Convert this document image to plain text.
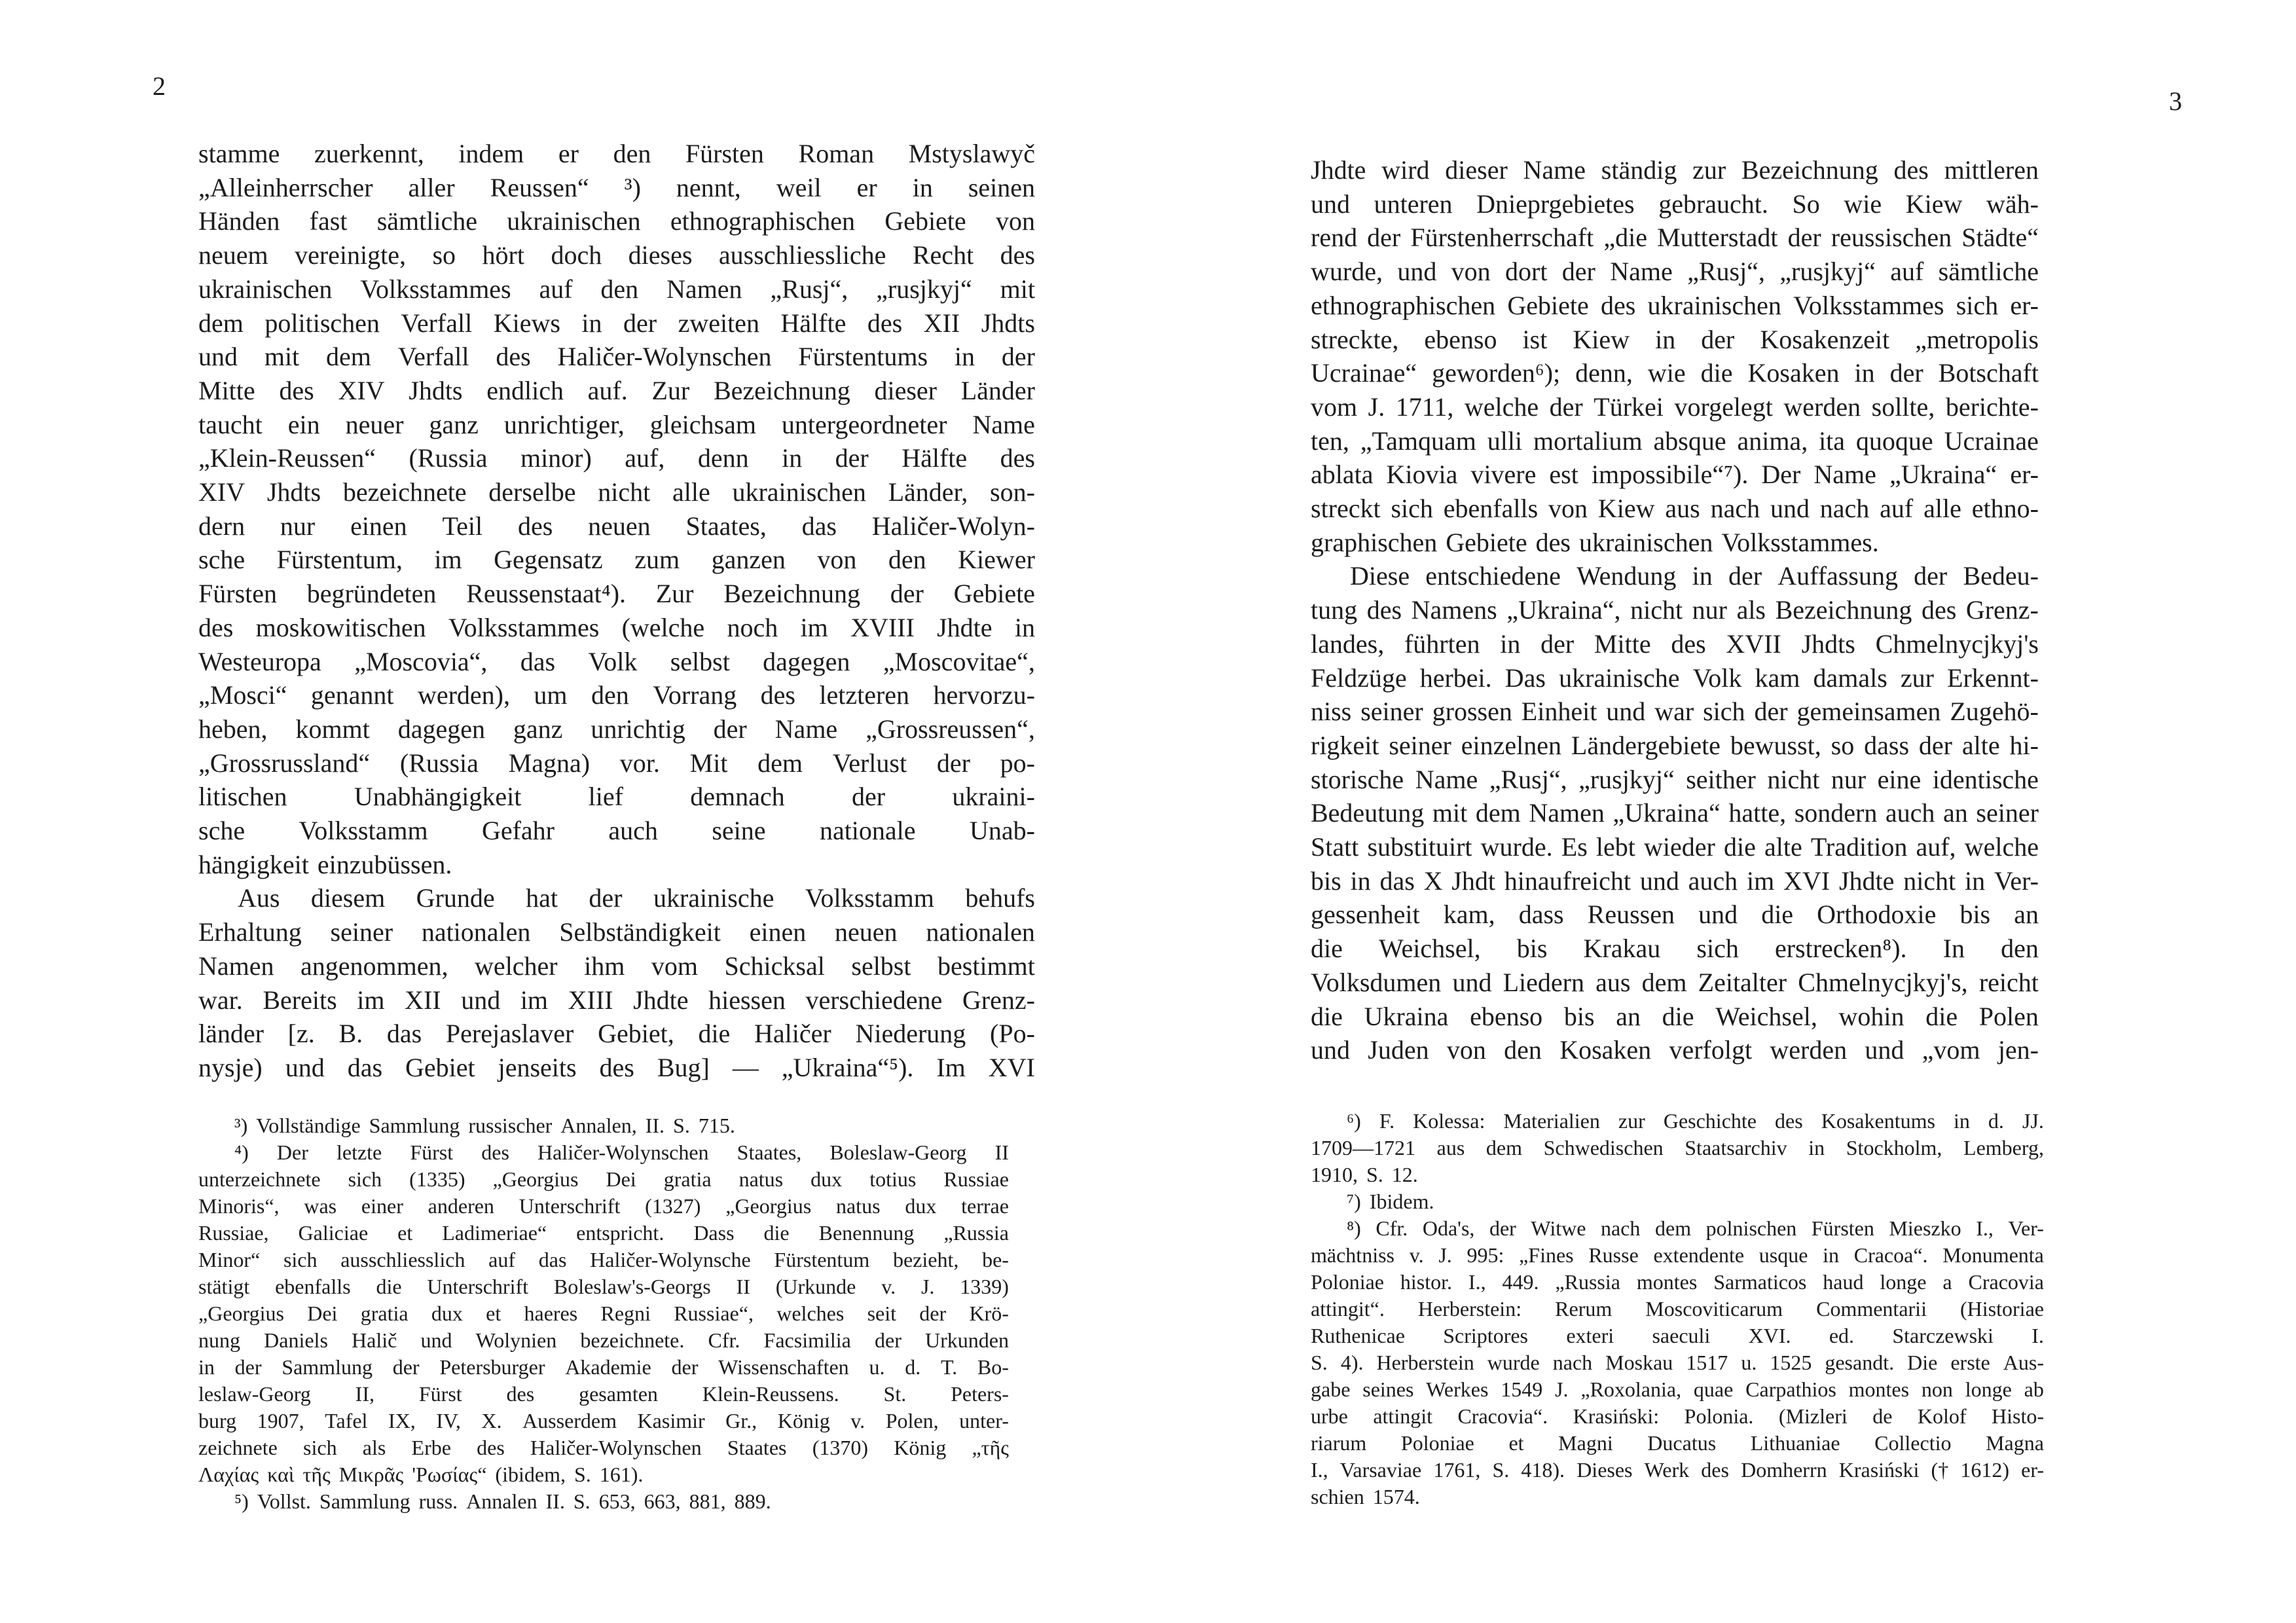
2
stamme zuerkennt, indem er den Fürsten Roman Mstyslawyč
„Alleinherrscher aller Reussen“ ³) nennt, weil er in seinen
Händen fast sämtliche ukrainischen ethnographischen Gebiete von
neuem vereinigte, so hört doch dieses ausschliessliche Recht des
ukrainischen Volksstammes auf den Namen „Rusj“, „rusjkyj“ mit
dem politischen Verfall Kiews in der zweiten Hälfte des XII Jhdts
und mit dem Verfall des Haličer-Wolynschen Fürstentums in der
Mitte des XIV Jhdts endlich auf. Zur Bezeichnung dieser Länder
taucht ein neuer ganz unrichtiger, gleichsam untergeordneter Name
„Klein-Reussen“ (Russia minor) auf, denn in der Hälfte des
XIV Jhdts bezeichnete derselbe nicht alle ukrainischen Länder, son-
dern nur einen Teil des neuen Staates, das Haličer-Wolyn-
sche Fürstentum, im Gegensatz zum ganzen von den Kiewer
Fürsten begründeten Reussenstaat⁴). Zur Bezeichnung der Gebiete
des moskowitischen Volksstammes (welche noch im XVIII Jhdte in
Westeuropa „Moscovia“, das Volk selbst dagegen „Moscovitae“,
„Mosci“ genannt werden), um den Vorrang des letzteren hervorzu-
heben, kommt dagegen ganz unrichtig der Name „Grossreussen“,
„Grossrussland“ (Russia Magna) vor. Mit dem Verlust der po-
litischen	Unabhängigkeit	lief	demnach	der	ukraini-
sche Volksstamm Gefahr auch seine nationale Unab-
hängigkeit einzubüssen.
Aus diesem Grunde hat der ukrainische Volksstamm behufs
Erhaltung seiner nationalen Selbständigkeit einen neuen nationalen
Namen angenommen, welcher ihm vom Schicksal selbst bestimmt
war. Bereits im XII und im XIII Jhdte hiessen verschiedene Grenz-
länder [z. B. das Perejaslaver Gebiet, die Haličer Niederung (Po-
nysje) und das Gebiet jenseits des Bug] — „Ukraina“⁵). Im XVI
³) Vollständige Sammlung russischer Annalen, II. S. 715.
⁴) Der letzte Fürst des Haličer-Wolynschen Staates, Boleslaw-Georg II
unterzeichnete sich (1335) „Georgius Dei gratia natus dux totius Russiae
Minoris“, was einer anderen Unterschrift (1327) „Georgius natus dux terrae
Russiae, Galiciae et Ladimeriae“ entspricht. Dass die Benennung „Russia
Minor“ sich ausschliesslich auf das Haličer-Wolynsche Fürstentum bezieht, be-
stätigt ebenfalls die Unterschrift Boleslaw's-Georgs II (Urkunde v. J. 1339)
„Georgius Dei gratia dux et haeres Regni Russiae“, welches seit der Krö-
nung Daniels Halič und Wolynien bezeichnete. Cfr. Facsimilia der Urkunden
in der Sammlung der Petersburger Akademie der Wissenschaften u. d. T. Bo-
leslaw-Georg II, Fürst des gesamten Klein-Reussens. St. Peters-
burg 1907, Tafel IX, IV, X. Ausserdem Kasimir Gr., König v. Polen, unter-
zeichnete sich als Erbe des Haličer-Wolynschen Staates (1370) König „τῆς
Λαχίας καὶ τῆς Μικρᾶς 'Ρωσίας“ (ibidem, S. 161).
⁵) Vollst. Sammlung russ. Annalen II. S. 653, 663, 881, 889.
3
Jhdte wird dieser Name ständig zur Bezeichnung des mittleren
und unteren Dnieprgebietes gebraucht. So wie Kiew wäh-
rend der Fürstenherrschaft „die Mutterstadt der reussischen Städte“
wurde, und von dort der Name „Rusj“, „rusjkyj“ auf sämtliche
ethnographischen Gebiete des ukrainischen Volksstammes sich er-
streckte, ebenso ist Kiew in der Kosakenzeit „metropolis
Ucrainae“ geworden⁶); denn, wie die Kosaken in der Botschaft
vom J. 1711, welche der Türkei vorgelegt werden sollte, berichte-
ten, „Tamquam ulli mortalium absque anima, ita quoque Ucrainae
ablata Kiovia vivere est impossibile“⁷). Der Name „Ukraina“ er-
streckt sich ebenfalls von Kiew aus nach und nach auf alle ethno-
graphischen Gebiete des ukrainischen Volksstammes.
Diese entschiedene Wendung in der Auffassung der Bedeu-
tung des Namens „Ukraina“, nicht nur als Bezeichnung des Grenz-
landes, führten in der Mitte des XVII Jhdts Chmelnycjkyj's
Feldzüge herbei. Das ukrainische Volk kam damals zur Erkennt-
niss seiner grossen Einheit und war sich der gemeinsamen Zugehö-
rigkeit seiner einzelnen Ländergebiete bewusst, so dass der alte hi-
storische Name „Rusj“, „rusjkyj“ seither nicht nur eine identische
Bedeutung mit dem Namen „Ukraina“ hatte, sondern auch an seiner
Statt substituirt wurde. Es lebt wieder die alte Tradition auf, welche
bis in das X Jhdt hinaufreicht und auch im XVI Jhdte nicht in Ver-
gessenheit kam, dass Reussen und die Orthodoxie bis an
die Weichsel, bis Krakau sich erstrecken⁸). In den
Volksdumen und Liedern aus dem Zeitalter Chmelnycjkyj's, reicht
die Ukraina ebenso bis an die Weichsel, wohin die Polen
und Juden von den Kosaken verfolgt werden und „vom jen-
⁶) F. Kolessa: Materialien zur Geschichte des Kosakentums in d. JJ.
1709—1721 aus dem Schwedischen Staatsarchiv in Stockholm, Lemberg,
1910, S. 12.
⁷) Ibidem.
⁸) Cfr. Oda's, der Witwe nach dem polnischen Fürsten Mieszko I., Ver-
mächtniss v. J. 995: „Fines Russe extendente usque in Cracoa“. Monumenta
Poloniae histor. I., 449. „Russia montes Sarmaticos haud longe a Cracovia
attingit“. Herberstein: Rerum Moscoviticarum Commentarii (Historiae
Ruthenicae Scriptores exteri saeculi XVI. ed. Starczewski I.
S. 4). Herberstein wurde nach Moskau 1517 u. 1525 gesandt. Die erste Aus-
gabe seines Werkes 1549 J. „Roxolania, quae Carpathios montes non longe ab
urbe attingit Cracovia“. Krasiński: Polonia. (Mizleri de Kolof Histo-
riarum Poloniae et Magni Ducatus Lithuaniae Collectio Magna
I., Varsaviae 1761, S. 418). Dieses Werk des Domherrn Krasiński († 1612) er-
schien 1574.
